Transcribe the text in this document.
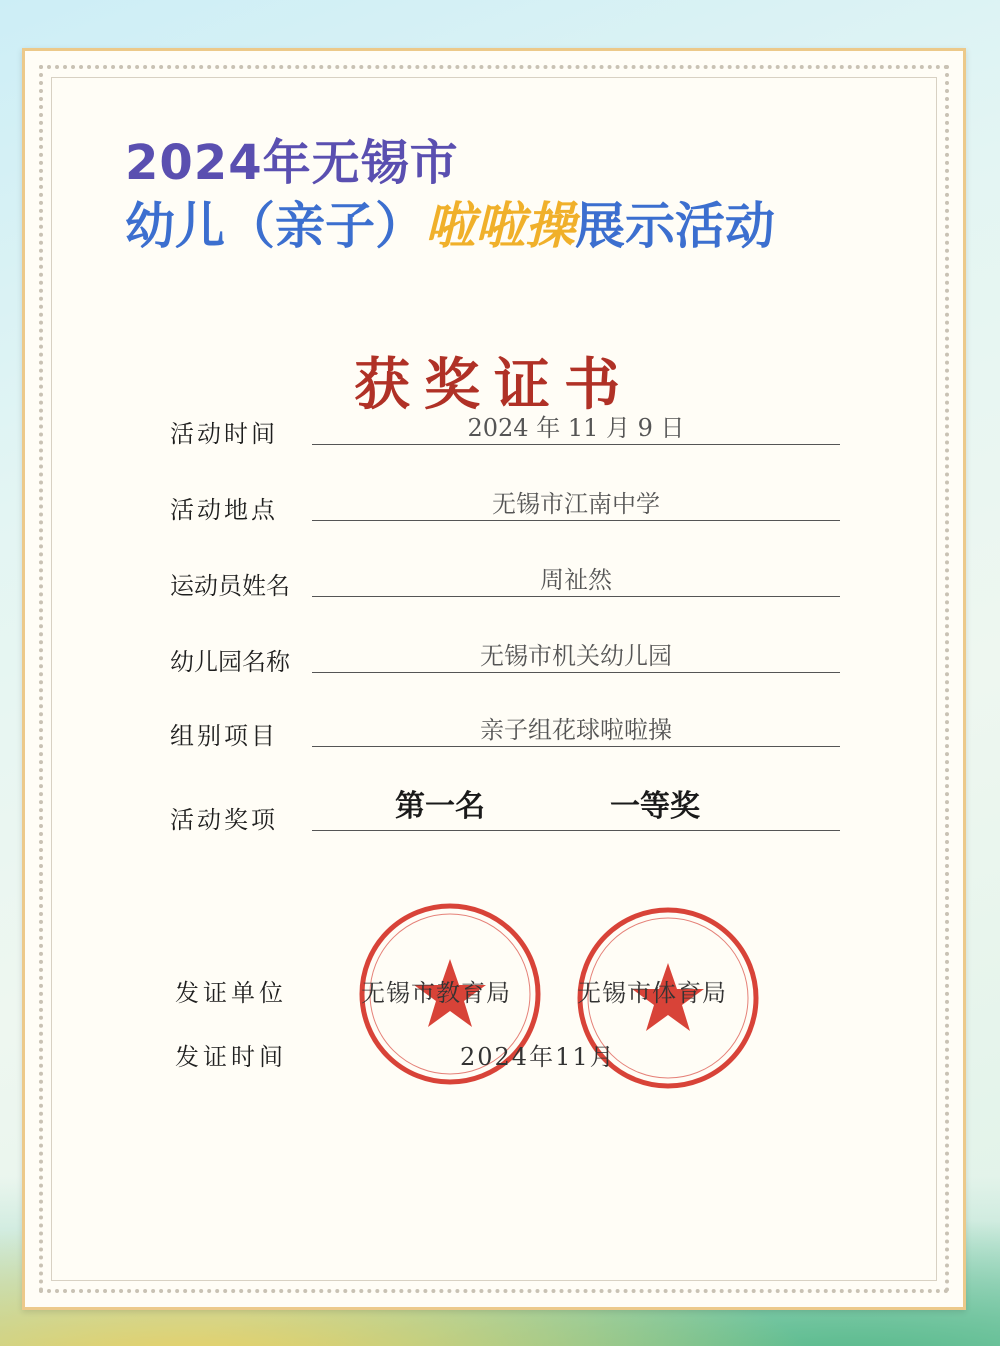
2024年无锡市
幼儿（亲子）啦啦操展示活动
获奖证书
活动时间	2024 年 11 月 9 日
活动地点	无锡市江南中学
运动员姓名	周祉然
幼儿园名称	无锡市机关幼儿园
组别项目	亲子组花球啦啦操
活动奖项	第一名	一等奖
发证单位	无锡市教育局	无锡市体育局
发证时间	2024年11月
